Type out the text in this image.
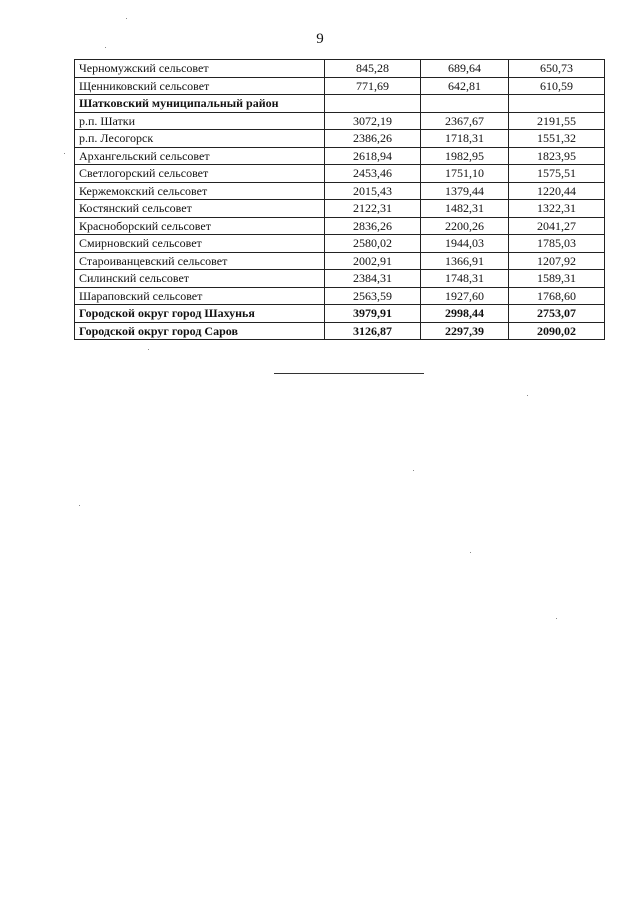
9
Черномужский сельсовет	845,28	689,64	650,73
Щенниковский сельсовет	771,69	642,81	610,59
Шатковский муниципальный район			
р.п. Шатки	3072,19	2367,67	2191,55
р.п. Лесогорск	2386,26	1718,31	1551,32
Архангельский сельсовет	2618,94	1982,95	1823,95
Светлогорский сельсовет	2453,46	1751,10	1575,51
Кержемокский сельсовет	2015,43	1379,44	1220,44
Костянский сельсовет	2122,31	1482,31	1322,31
Красноборский сельсовет	2836,26	2200,26	2041,27
Смирновский сельсовет	2580,02	1944,03	1785,03
Староиванцевский сельсовет	2002,91	1366,91	1207,92
Силинский сельсовет	2384,31	1748,31	1589,31
Шараповский сельсовет	2563,59	1927,60	1768,60
Городской округ город Шахунья	3979,91	2998,44	2753,07
Городской округ город Саров	3126,87	2297,39	2090,02
